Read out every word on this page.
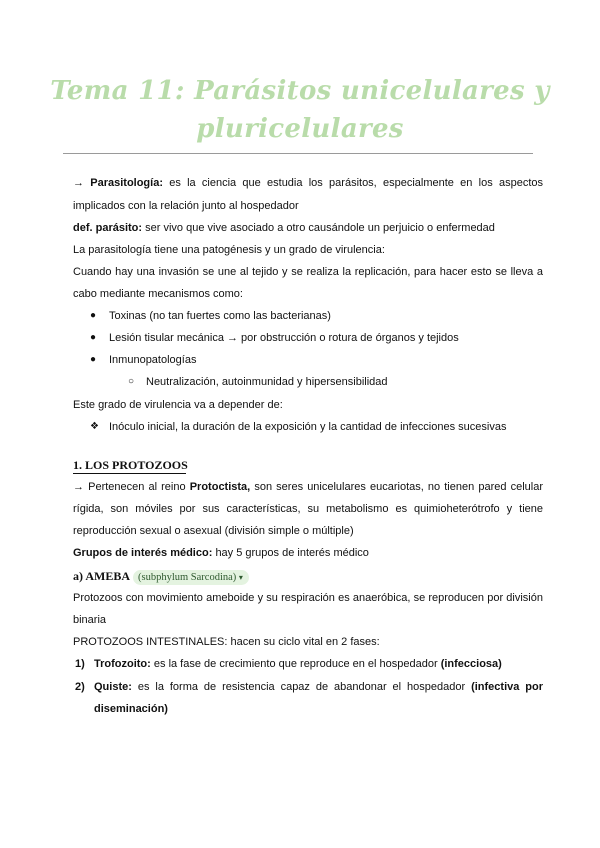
Tema 11: Parásitos unicelulares y
pluricelulares
→ Parasitología: es la ciencia que estudia los parásitos, especialmente en los aspectos
implicados con la relación junto al hospedador
def. parásito: ser vivo que vive asociado a otro causándole un perjuicio o enfermedad
La parasitología tiene una patogénesis y un grado de virulencia:
Cuando hay una invasión se une al tejido y se realiza la replicación, para hacer esto se lleva a
cabo mediante mecanismos como:
● Toxinas (no tan fuertes como las bacterianas)
● Lesión tisular mecánica → por obstrucción o rotura de órganos y tejidos
● Inmunopatologías
○ Neutralización, autoinmunidad y hipersensibilidad
Este grado de virulencia va a depender de:
❖ Inóculo inicial, la duración de la exposición y la cantidad de infecciones sucesivas
1. LOS PROTOZOOS
→ Pertenecen al reino Protoctista, son seres unicelulares eucariotas, no tienen pared celular
rígida, son móviles por sus características, su metabolismo es quimioheterótrofo y tiene
reproducción sexual o asexual (división simple o múltiple)
Grupos de interés médico: hay 5 grupos de interés médico
a) AMEBA (subphylum Sarcodina) ▾
Protozoos con movimiento ameboide y su respiración es anaeróbica, se reproducen por división
binaria
PROTOZOOS INTESTINALES: hacen su ciclo vital en 2 fases:
1) Trofozoito: es la fase de crecimiento que reproduce en el hospedador (infecciosa)
2) Quiste: es la forma de resistencia capaz de abandonar el hospedador (infectiva por
diseminación)
